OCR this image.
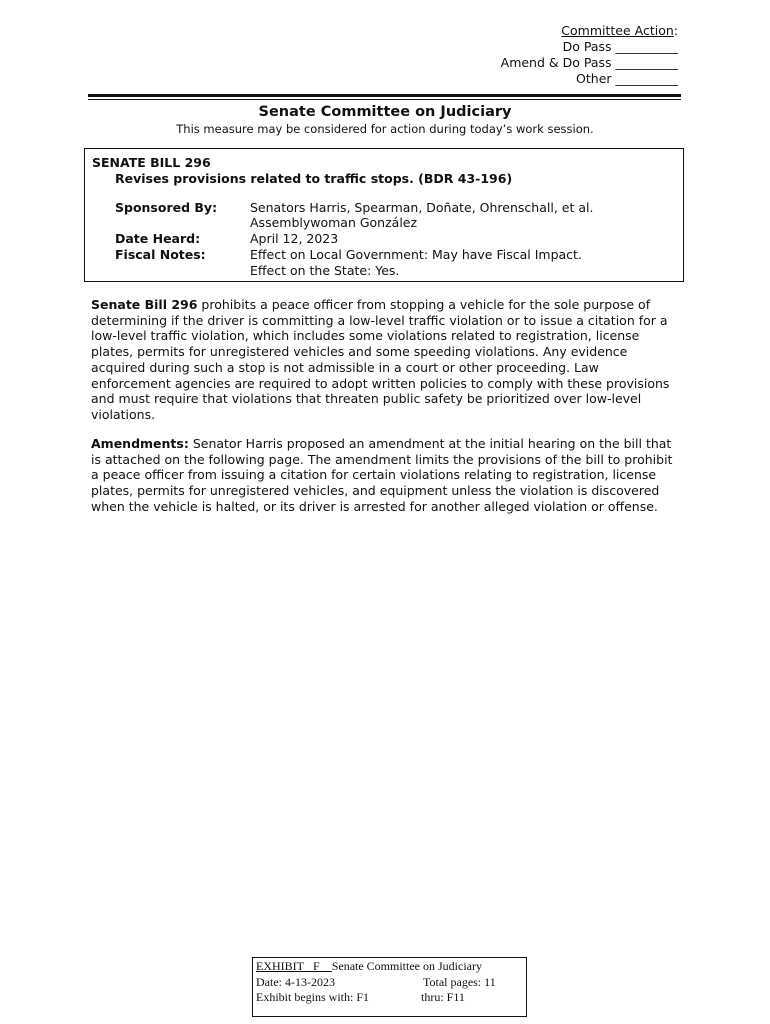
Committee Action:
Do Pass __________
Amend & Do Pass __________
Other __________
Senate Committee on Judiciary
This measure may be considered for action during today’s work session.
SENATE BILL 296
Revises provisions related to traffic stops. (BDR 43-196)
Sponsored By:	Senators Harris, Spearman, Doñate, Ohrenschall, et al.
Assemblywoman González
Date Heard:	April 12, 2023
Fiscal Notes:	Effect on Local Government: May have Fiscal Impact.
Effect on the State: Yes.

Senate Bill 296 prohibits a peace officer from stopping a vehicle for the sole purpose of determining if the driver is committing a low-level traffic violation or to issue a citation for a low-level traffic violation, which includes some violations related to registration, license plates, permits for unregistered vehicles and some speeding violations. Any evidence acquired during such a stop is not admissible in a court or other proceeding. Law enforcement agencies are required to adopt written policies to comply with these provisions and must require that violations that threaten public safety be prioritized over low-level violations.

Amendments: Senator Harris proposed an amendment at the initial hearing on the bill that is attached on the following page. The amendment limits the provisions of the bill to prohibit a peace officer from issuing a citation for certain violations relating to registration, license plates, permits for unregistered vehicles, and equipment unless the violation is discovered when the vehicle is halted, or its driver is arrested for another alleged violation or offense.

EXHIBIT F Senate Committee on Judiciary
Date: 4-13-2023	Total pages: 11
Exhibit begins with: F1	thru: F11
